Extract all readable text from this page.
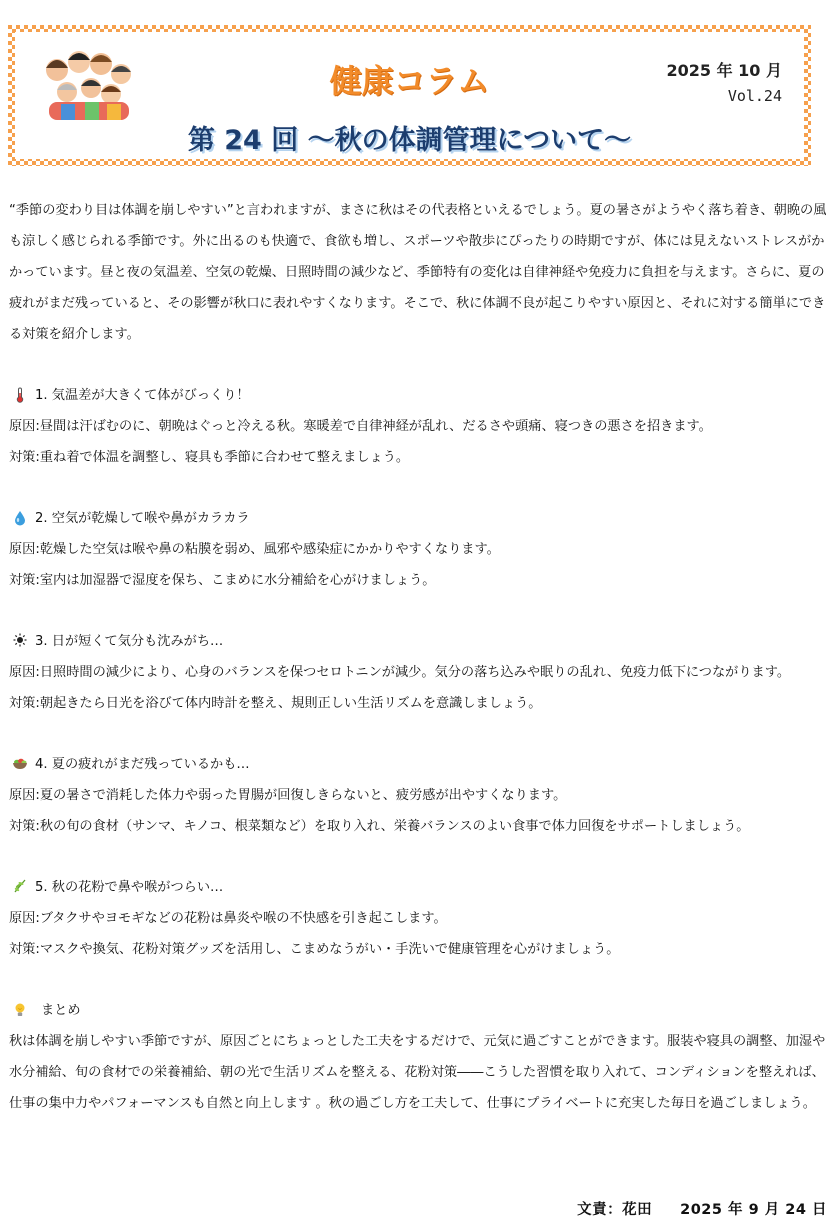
健康コラム	2025 年 10 月
Vol.24
第 24 回 ～秋の体調管理について～

“季節の変わり目は体調を崩しやすい”と言われますが、まさに秋はその代表格といえるでしょう。夏の暑さがようやく落ち着き、朝晩の風も涼しく感じられる季節です。外に出るのも快適で、食欲も増し、スポーツや散歩にぴったりの時期ですが、体には見えないストレスがかかっています。昼と夜の気温差、空気の乾燥、日照時間の減少など、季節特有の変化は自律神経や免疫力に負担を与えます。さらに、夏の疲れがまだ残っていると、その影響が秋口に表れやすくなります。そこで、秋に体調不良が起こりやすい原因と、それに対する簡単にできる対策を紹介します。

1. 気温差が大きくて体がびっくり！
原因 : 昼間は汗ばむのに、朝晩はぐっと冷える秋。寒暖差で自律神経が乱れ、だるさや頭痛、寝つきの悪さを招きます。
対策 : 重ね着で体温を調整し、寝具も季節に合わせて整えましょう。
2. 空気が乾燥して喉や鼻がカラカラ
原因 : 乾燥した空気は喉や鼻の粘膜を弱め、風邪や感染症にかかりやすくなります。
対策 : 室内は加湿器で湿度を保ち、こまめに水分補給を心がけましょう。
3. 日が短くて気分も沈みがち…
原因 : 日照時間の減少により、心身のバランスを保つセロトニンが減少。気分の落ち込みや眠りの乱れ、免疫力低下につながります。
対策 : 朝起きたら日光を浴びて体内時計を整え、規則正しい生活リズムを意識しましょう。
4. 夏の疲れがまだ残っているかも…
原因 : 夏の暑さで消耗した体力や弱った胃腸が回復しきらないと、疲労感が出やすくなります。
対策 : 秋の旬の食材（サンマ、キノコ、根菜類など）を取り入れ、栄養バランスのよい食事で体力回復をサポートしましょう。
5. 秋の花粉で鼻や喉がつらい…
原因 : ブタクサやヨモギなどの花粉は鼻炎や喉の不快感を引き起こします。
対策 : マスクや換気、花粉対策グッズを活用し、こまめなうがい・手洗いで健康管理を心がけましょう。
まとめ

秋は体調を崩しやすい季節ですが、原因ごとにちょっとした工夫をするだけで、元気に過ごすことができます。服装や寝具の調整、加湿や水分補給、旬の食材での栄養補給、朝の光で生活リズムを整える、花粉対策――こうした習慣を取り入れて、コンディションを整えれば、仕事の集中力やパフォーマンスも自然と向上します 。秋の過ごし方を工夫して、仕事にプライベートに充実した毎日を過ごしましょう。

文責：花田 2025 年 9 月 24 日
